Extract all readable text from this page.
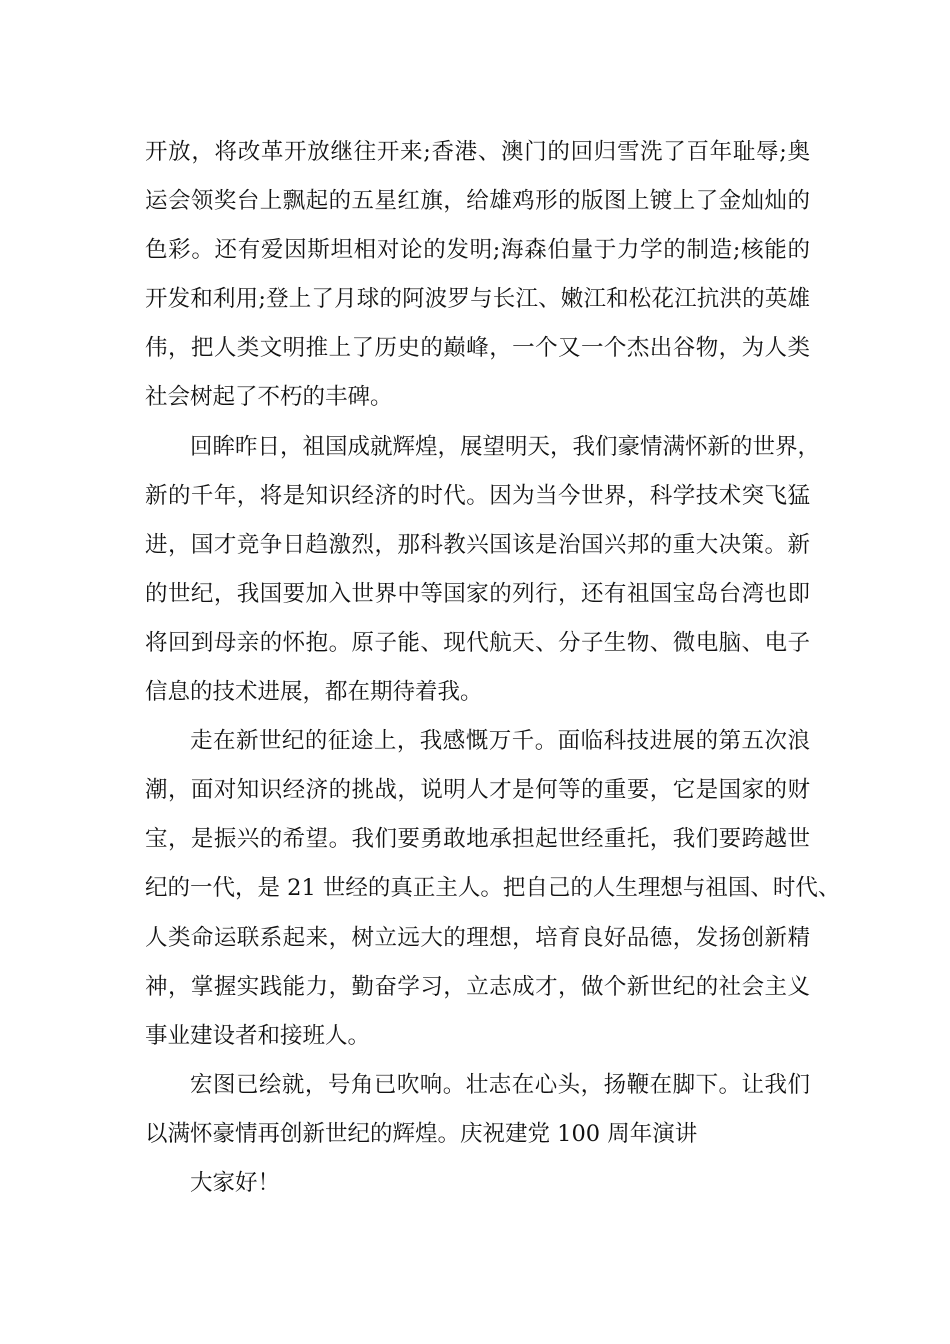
开放，将改革开放继往开来;香港、澳门的回归雪洗了百年耻辱;奥
运会领奖台上飘起的五星红旗，给雄鸡形的版图上镀上了金灿灿的
色彩。还有爱因斯坦相对论的发明;海森伯量于力学的制造;核能的
开发和利用;登上了月球的阿波罗与长江、嫩江和松花江抗洪的英雄
伟，把人类文明推上了历史的巅峰，一个又一个杰出谷物，为人类
社会树起了不朽的丰碑。
回眸昨日，祖国成就辉煌，展望明天，我们豪情满怀新的世界，
新的千年，将是知识经济的时代。因为当今世界，科学技术突飞猛
进，国才竞争日趋激烈，那科教兴国该是治国兴邦的重大决策。新
的世纪，我国要加入世界中等国家的列行，还有祖国宝岛台湾也即
将回到母亲的怀抱。原子能、现代航天、分子生物、微电脑、电子
信息的技术进展，都在期待着我。
走在新世纪的征途上，我感慨万千。面临科技进展的第五次浪
潮，面对知识经济的挑战，说明人才是何等的重要，它是国家的财
宝，是振兴的希望。我们要勇敢地承担起世经重托，我们要跨越世
纪的一代，是 21 世经的真正主人。把自己的人生理想与祖国、时代、
人类命运联系起来，树立远大的理想，培育良好品德，发扬创新精
神，掌握实践能力，勤奋学习，立志成才，做个新世纪的社会主义
事业建设者和接班人。
宏图已绘就，号角已吹响。壮志在心头，扬鞭在脚下。让我们
以满怀豪情再创新世纪的辉煌。庆祝建党 100 周年演讲
大家好！
